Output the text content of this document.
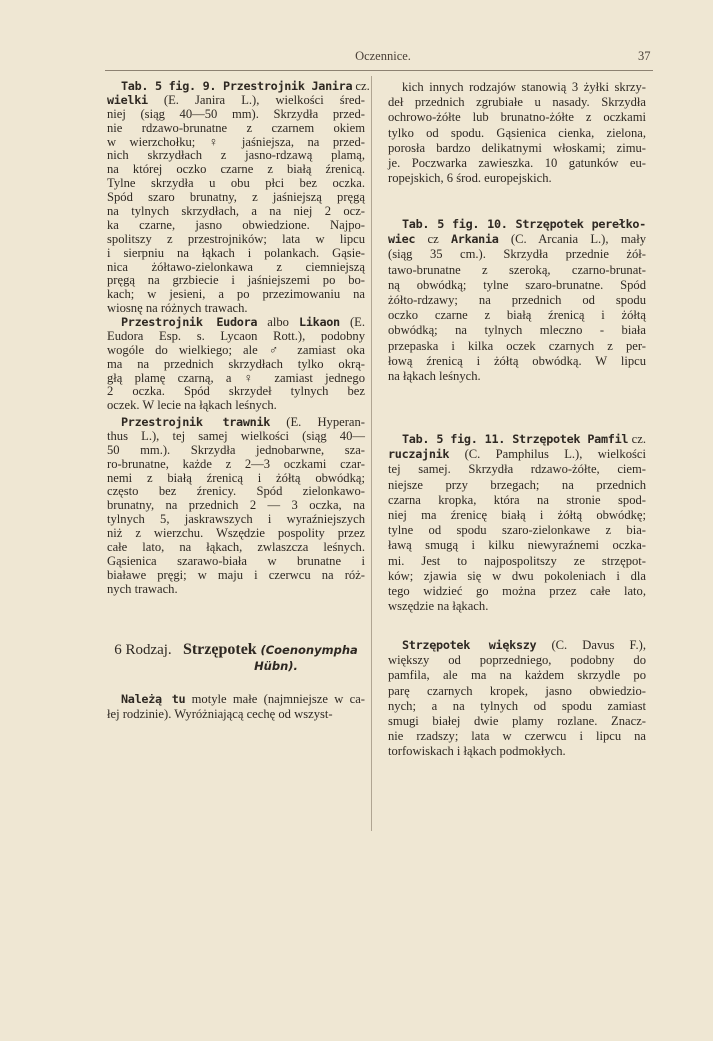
Oczennice.	37
Tab. 5 fig. 9. Przestrojnik Janira cz.
wielki (E. Janira L.), wielkości śred-
niej (siąg 40—50 mm). Skrzydła przed-
nie rdzawo-brunatne z czarnem okiem
w wierzchołku; ♀ jaśniejsza, na przed-
nich skrzydłach z jasno-rdzawą plamą,
na której oczko czarne z białą źrenicą.
Tylne skrzydła u obu płci bez oczka.
Spód szaro brunatny, z jaśniejszą pręgą
na tylnych skrzydłach, a na niej 2 ocz-
ka czarne, jasno obwiedzione. Najpo-
spolitszy z przestrojników; lata w lipcu
i sierpniu na łąkach i polankach. Gąsie-
nica żółtawo-zielonkawa z ciemniejszą
pręgą na grzbiecie i jaśniejszemi po bo-
kach; w jesieni, a po przezimowaniu na
wiosnę na różnych trawach.
Przestrojnik Eudora albo Likaon (E.
Eudora Esp. s. Lycaon Rott.), podobny
wogóle do wielkiego; ale ♂ zamiast oka
ma na przednich skrzydłach tylko okrą-
głą plamę czarną, a ♀ zamiast jednego
2 oczka. Spód skrzydeł tylnych bez
oczek. W lecie na łąkach leśnych.
Przestrojnik trawnik (E. Hyperan-
thus L.), tej samej wielkości (siąg 40—
50 mm.). Skrzydła jednobarwne, sza-
ro-brunatne, każde z 2—3 oczkami czar-
nemi z białą źrenicą i żółtą obwódką;
często bez źrenicy. Spód zielonkawo-
brunatny, na przednich 2 — 3 oczka, na
tylnych 5, jaskrawszych i wyraźniejszych
niż z wierzchu. Wszędzie pospolity przez
całe lato, na łąkach, zwlaszcza leśnych.
Gąsienica szarawo-biała w brunatne i
białawe pręgi; w maju i czerwcu na róż-
nych trawach.
6 Rodzaj. Strzępotek (Coenonympha
Hübn).
Należą tu motyle małe (najmniejsze w ca-
łej rodzinie). Wyróżniającą cechę od wszyst-
kich innych rodzajów stanowią 3 żyłki skrzy-
deł przednich zgrubiałe u nasady. Skrzydła
ochrowo-żółte lub brunatno-żółte z oczkami
tylko od spodu. Gąsienica cienka, zielona,
porosła bardzo delikatnymi włoskami; zimu-
je. Poczwarka zawieszka. 10 gatunków eu-
ropejskich, 6 środ. europejskich.
Tab. 5 fig. 10. Strzępotek perełko-
wiec cz Arkania (C. Arcania L.), mały
(siąg 35 cm.). Skrzydła przednie żół-
tawo-brunatne z szeroką, czarno-brunat-
ną obwódką; tylne szaro-brunatne. Spód
żółto-rdzawy; na przednich od spodu
oczko czarne z białą źrenicą i żółtą
obwódką; na tylnych mleczno - biała
przepaska i kilka oczek czarnych z per-
łową źrenicą i żółtą obwódką. W lipcu
na łąkach leśnych.
Tab. 5 fig. 11. Strzępotek Pamfil cz.
ruczajnik (C. Pamphilus L.), wielkości
tej samej. Skrzydła rdzawo-żółte, ciem-
niejsze przy brzegach; na przednich
czarna kropka, która na stronie spod-
niej ma źrenicę białą i żółtą obwódkę;
tylne od spodu szaro-zielonkawe z bia-
ławą smugą i kilku niewyraźnemi oczka-
mi. Jest to najpospolitszy ze strzępot-
ków; zjawia się w dwu pokoleniach i dla
tego widzieć go można przez całe lato,
wszędzie na łąkach.
Strzępotek większy (C. Davus F.),
większy od poprzedniego, podobny do
pamfila, ale ma na każdem skrzydle po
parę czarnych kropek, jasno obwiedzio-
nych; a na tylnych od spodu zamiast
smugi białej dwie plamy rozlane. Znacz-
nie rzadszy; lata w czerwcu i lipcu na
torfowiskach i łąkach podmokłych.
